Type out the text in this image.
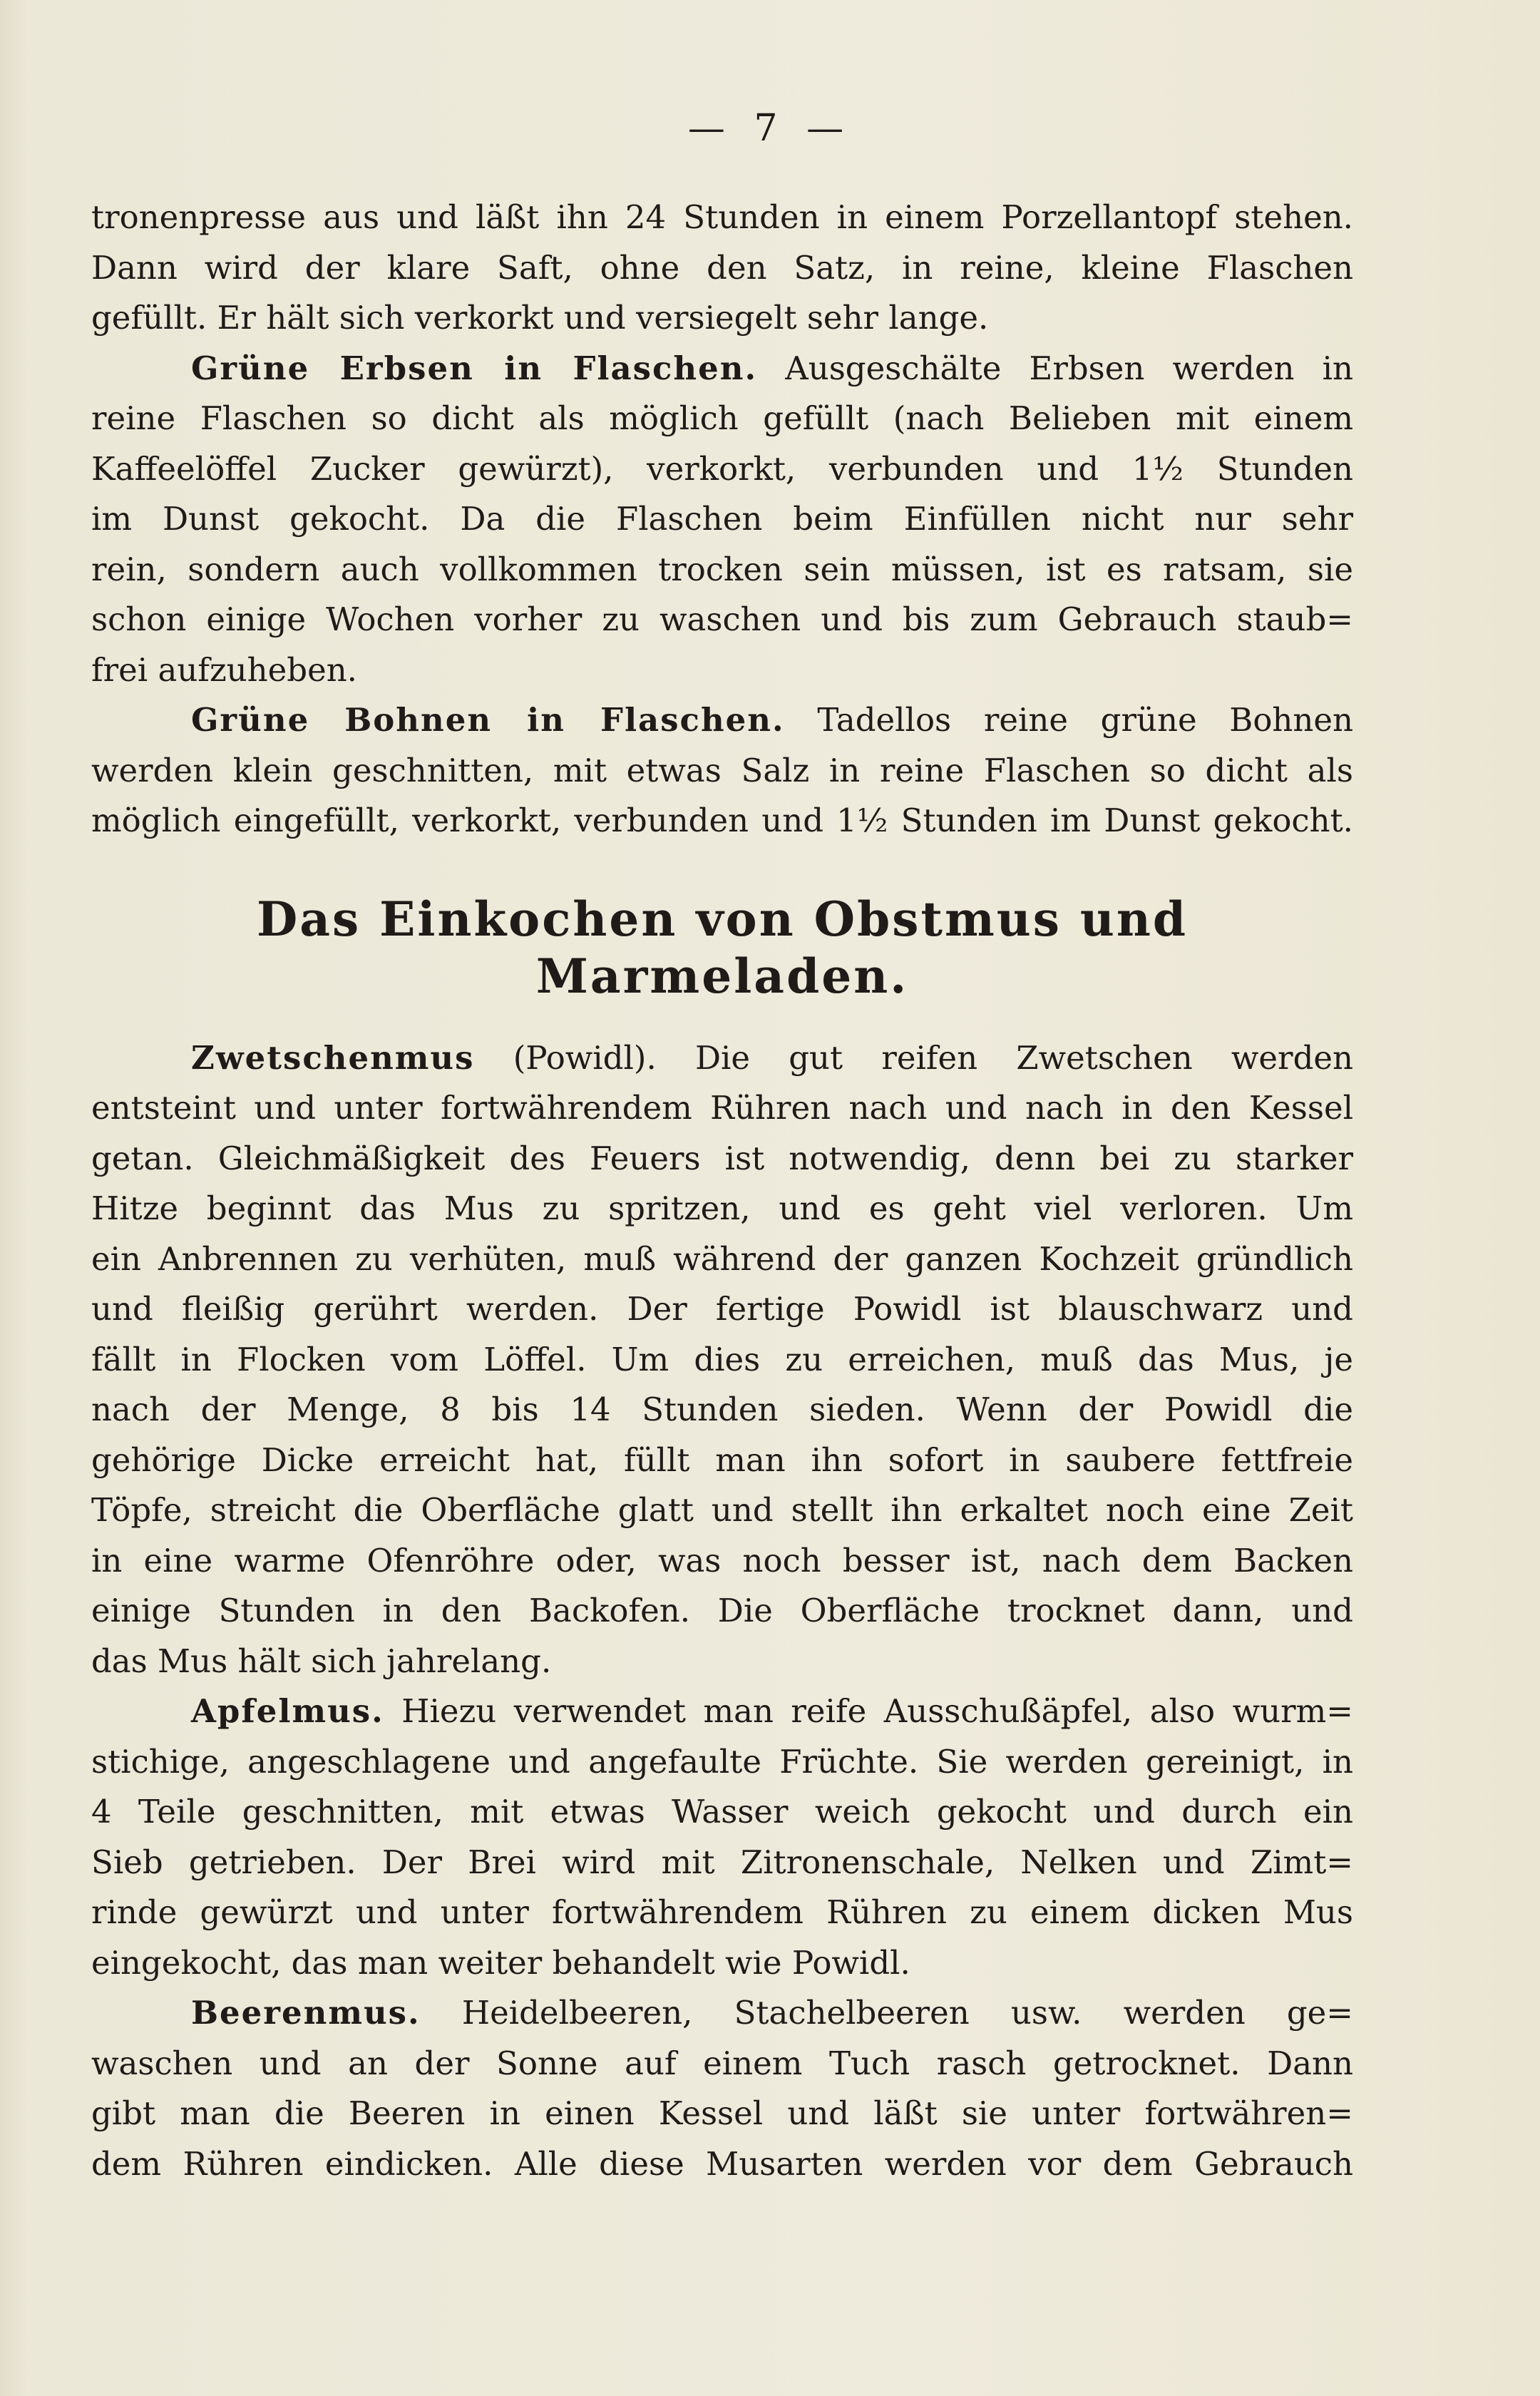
— 7 —
tronenpresse aus und läßt ihn 24 Stunden in einem Porzellantopf stehen.
Dann wird der klare Saft, ohne den Satz, in reine, kleine Flaschen
gefüllt. Er hält sich verkorkt und versiegelt sehr lange.
Grüne Erbsen in Flaschen. Ausgeschälte Erbsen werden in
reine Flaschen so dicht als möglich gefüllt (nach Belieben mit einem
Kaffeelöffel Zucker gewürzt), verkorkt, verbunden und 1½ Stunden
im Dunst gekocht. Da die Flaschen beim Einfüllen nicht nur sehr
rein, sondern auch vollkommen trocken sein müssen, ist es ratsam, sie
schon einige Wochen vorher zu waschen und bis zum Gebrauch staub=
frei aufzuheben.
Grüne Bohnen in Flaschen. Tadellos reine grüne Bohnen
werden klein geschnitten, mit etwas Salz in reine Flaschen so dicht als
möglich eingefüllt, verkorkt, verbunden und 1½ Stunden im Dunst gekocht.
Das Einkochen von Obstmus und Marmeladen.
Zwetschenmus (Powidl). Die gut reifen Zwetschen werden
entsteint und unter fortwährendem Rühren nach und nach in den Kessel
getan. Gleichmäßigkeit des Feuers ist notwendig, denn bei zu starker
Hitze beginnt das Mus zu spritzen, und es geht viel verloren. Um
ein Anbrennen zu verhüten, muß während der ganzen Kochzeit gründlich
und fleißig gerührt werden. Der fertige Powidl ist blauschwarz und
fällt in Flocken vom Löffel. Um dies zu erreichen, muß das Mus, je
nach der Menge, 8 bis 14 Stunden sieden. Wenn der Powidl die
gehörige Dicke erreicht hat, füllt man ihn sofort in saubere fettfreie
Töpfe, streicht die Oberfläche glatt und stellt ihn erkaltet noch eine Zeit
in eine warme Ofenröhre oder, was noch besser ist, nach dem Backen
einige Stunden in den Backofen. Die Oberfläche trocknet dann, und
das Mus hält sich jahrelang.
Apfelmus. Hiezu verwendet man reife Ausschußäpfel, also wurm=
stichige, angeschlagene und angefaulte Früchte. Sie werden gereinigt, in
4 Teile geschnitten, mit etwas Wasser weich gekocht und durch ein
Sieb getrieben. Der Brei wird mit Zitronenschale, Nelken und Zimt=
rinde gewürzt und unter fortwährendem Rühren zu einem dicken Mus
eingekocht, das man weiter behandelt wie Powidl.
Beerenmus. Heidelbeeren, Stachelbeeren usw. werden ge=
waschen und an der Sonne auf einem Tuch rasch getrocknet. Dann
gibt man die Beeren in einen Kessel und läßt sie unter fortwähren=
dem Rühren eindicken. Alle diese Musarten werden vor dem Gebrauch
